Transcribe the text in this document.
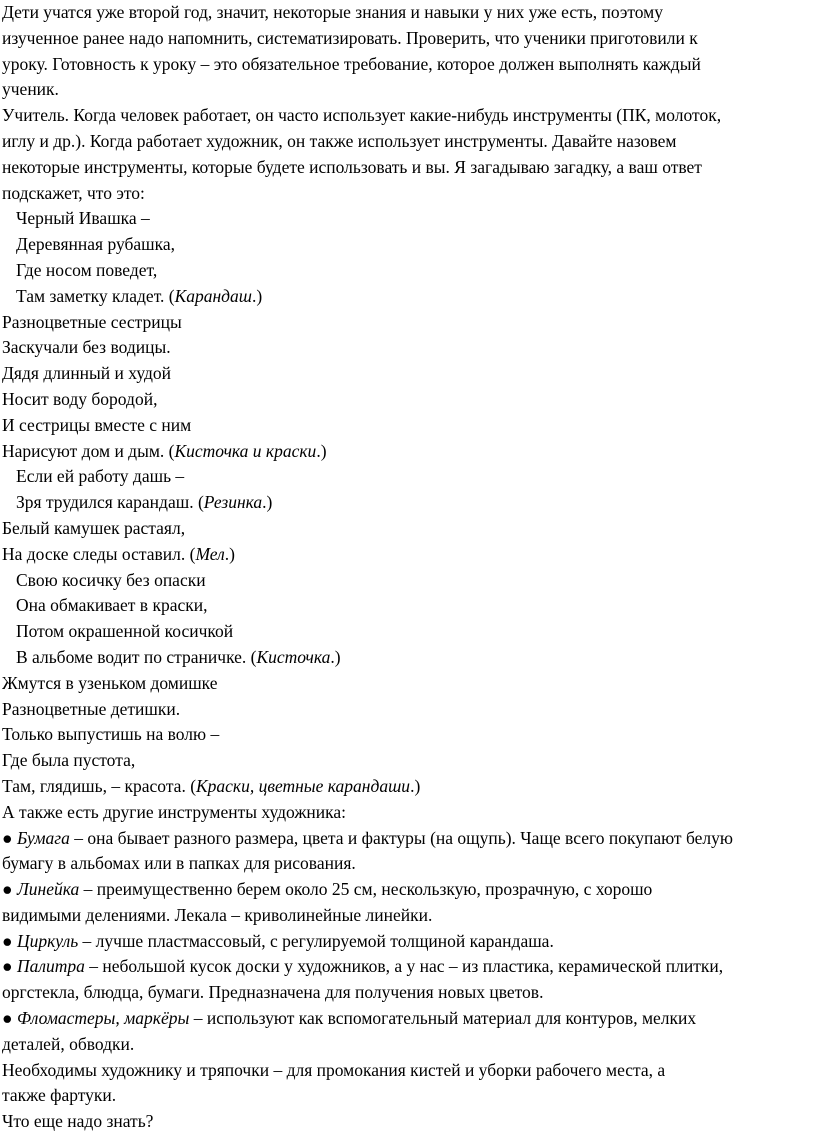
Дети учатся уже второй год, значит, некоторые знания и навыки у них уже есть, поэтому
изученное ранее надо напомнить, систематизировать. Проверить, что ученики приготовили к
уроку. Готовность к уроку – это обязательное требование, которое должен выполнять каждый
ученик.
Учитель. Когда человек работает, он часто использует какие-нибудь инструменты (ПК, молоток,
иглу и др.). Когда работает художник, он также использует инструменты. Давайте назовем
некоторые инструменты, которые будете использовать и вы. Я загадываю загадку, а ваш ответ
подскажет, что это:
Черный Ивашка –
Деревянная рубашка,
Где носом поведет,
Там заметку кладет. (Карандаш.)
Разноцветные сестрицы
Заскучали без водицы.
Дядя длинный и худой
Носит воду бородой,
И сестрицы вместе с ним
Нарисуют дом и дым. (Кисточка и краски.)
Если ей работу дашь –
Зря трудился карандаш. (Резинка.)
Белый камушек растаял,
На доске следы оставил. (Мел.)
Свою косичку без опаски
Она обмакивает в краски,
Потом окрашенной косичкой
В альбоме водит по страничке. (Кисточка.)
Жмутся в узеньком домишке
Разноцветные детишки.
Только выпустишь на волю –
Где была пустота,
Там, глядишь, – красота. (Краски, цветные карандаши.)
А также есть другие инструменты художника:
● Бумага – она бывает разного размера, цвета и фактуры (на ощупь). Чаще всего покупают белую
бумагу в альбомах или в папках для рисования.
● Линейка – преимущественно берем около 25 см, нескользкую, прозрачную, с хорошо
видимыми делениями. Лекала – криволинейные линейки.
● Циркуль – лучше пластмассовый, с регулируемой толщиной карандаша.
● Палитра – небольшой кусок доски у художников, а у нас – из пластика, керамической плитки,
оргстекла, блюдца, бумаги. Предназначена для получения новых цветов.
● Фломастеры, маркёры – используют как вспомогательный материал для контуров, мелких
деталей, обводки.
Необходимы художнику и тряпочки – для промокания кистей и уборки рабочего места, а
также фартуки.
Что еще надо знать?
